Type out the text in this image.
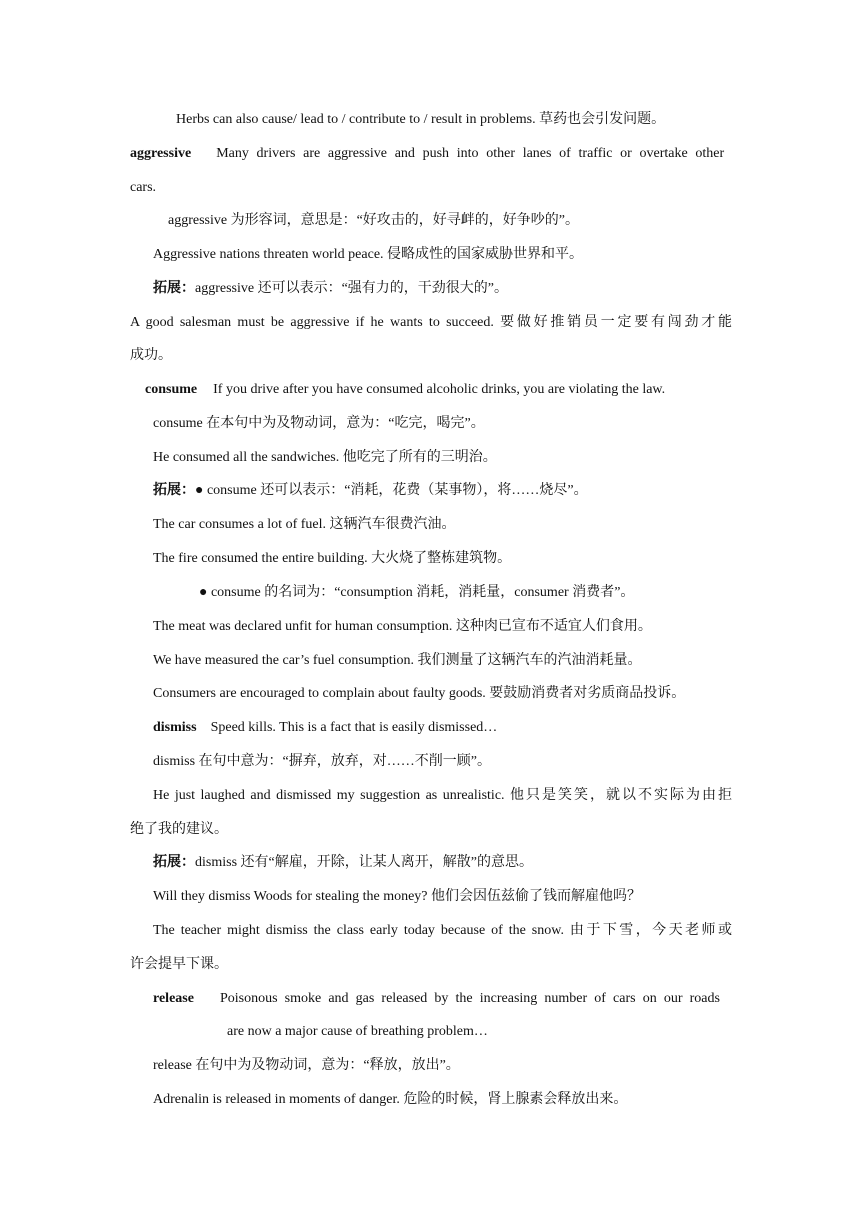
Herbs can also cause/ lead to / contribute to / result in problems. 草药也会引发问题。
aggressive Many drivers are aggressive and push into other lanes of traffic or overtake other
cars.
aggressive 为形容词，意思是：“好攻击的，好寻衅的，好争吵的”。
Aggressive nations threaten world peace. 侵略成性的国家威胁世界和平。
拓展：aggressive 还可以表示：“强有力的，干劲很大的”。
A good salesman must be aggressive if he wants to succeed. 要做好推销员一定要有闯劲才能
成功。
consume If you drive after you have consumed alcoholic drinks, you are violating the law.
consume 在本句中为及物动词，意为：“吃完，喝完”。
He consumed all the sandwiches. 他吃完了所有的三明治。
拓展：● consume 还可以表示：“消耗，花费（某事物），将……烧尽”。
The car consumes a lot of fuel. 这辆汽车很费汽油。
The fire consumed the entire building. 大火烧了整栋建筑物。
● consume 的名词为：“consumption 消耗，消耗量，consumer 消费者”。
The meat was declared unfit for human consumption. 这种肉已宣布不适宜人们食用。
We have measured the car’s fuel consumption. 我们测量了这辆汽车的汽油消耗量。
Consumers are encouraged to complain about faulty goods. 要鼓励消费者对劣质商品投诉。
dismiss Speed kills. This is a fact that is easily dismissed…
dismiss 在句中意为：“摒弃，放弃，对……不削一顾”。
He just laughed and dismissed my suggestion as unrealistic. 他只是笑笑，就以不实际为由拒
绝了我的建议。
拓展：dismiss 还有“解雇，开除，让某人离开，解散”的意思。
Will they dismiss Woods for stealing the money? 他们会因伍兹偷了钱而解雇他吗？
The teacher might dismiss the class early today because of the snow. 由于下雪，今天老师或
许会提早下课。
release Poisonous smoke and gas released by the increasing number of cars on our roads
are now a major cause of breathing problem…
release 在句中为及物动词，意为：“释放，放出”。
Adrenalin is released in moments of danger. 危险的时候，肾上腺素会释放出来。
